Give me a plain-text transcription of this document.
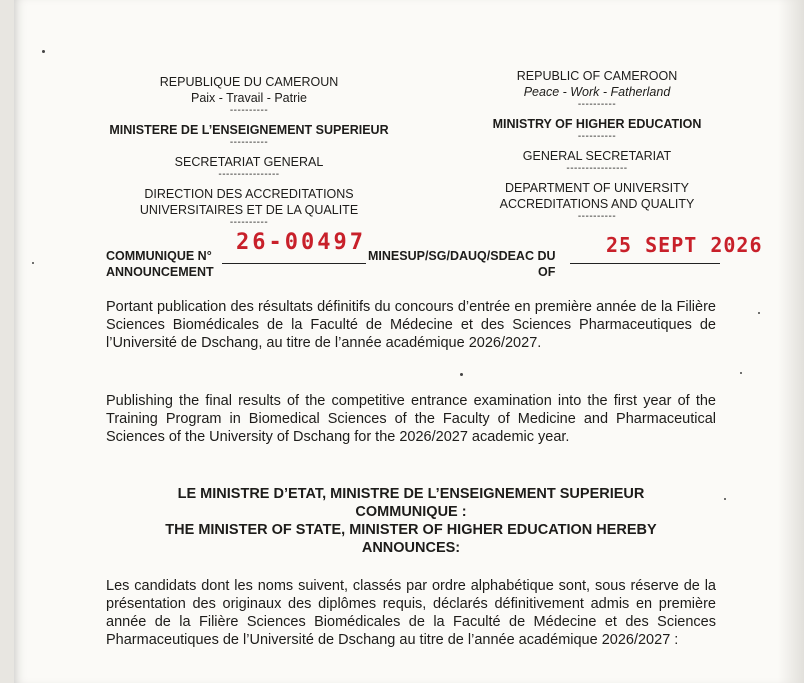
REPUBLIQUE DU CAMEROUN
Paix - Travail - Patrie
----------
MINISTERE DE L’ENSEIGNEMENT SUPERIEUR
----------
SECRETARIAT GENERAL
----------------
DIRECTION DES ACCREDITATIONS
UNIVERSITAIRES ET DE LA QUALITE
----------
REPUBLIC OF CAMEROON
Peace - Work - Fatherland
----------
MINISTRY OF HIGHER EDUCATION
----------
GENERAL SECRETARIAT
----------------
DEPARTMENT OF UNIVERSITY
ACCREDITATIONS AND QUALITY
----------
COMMUNIQUE N°
ANNOUNCEMENT
26-00497
MINESUP/SG/DAUQ/SDEAC DU
OF
25 SEPT 2026
Portant publication des résultats définitifs du concours d’entrée en première année de la Filière Sciences Biomédicales de la Faculté de Médecine et des Sciences Pharmaceutiques de l’Université de Dschang, au titre de l’année académique 2026/2027.
Publishing the final results of the competitive entrance examination into the first year of the Training Program in Biomedical Sciences of the Faculty of Medicine and Pharmaceutical Sciences of the University of Dschang for the 2026/2027 academic year.
LE MINISTRE D’ETAT, MINISTRE DE L’ENSEIGNEMENT SUPERIEUR
COMMUNIQUE :
THE MINISTER OF STATE, MINISTER OF HIGHER EDUCATION HEREBY
ANNOUNCES:
Les candidats dont les noms suivent, classés par ordre alphabétique sont, sous réserve de la présentation des originaux des diplômes requis, déclarés définitivement admis en première année de la Filière Sciences Biomédicales de la Faculté de Médecine et des Sciences Pharmaceutiques de l’Université de Dschang au titre de l’année académique 2026/2027 :
